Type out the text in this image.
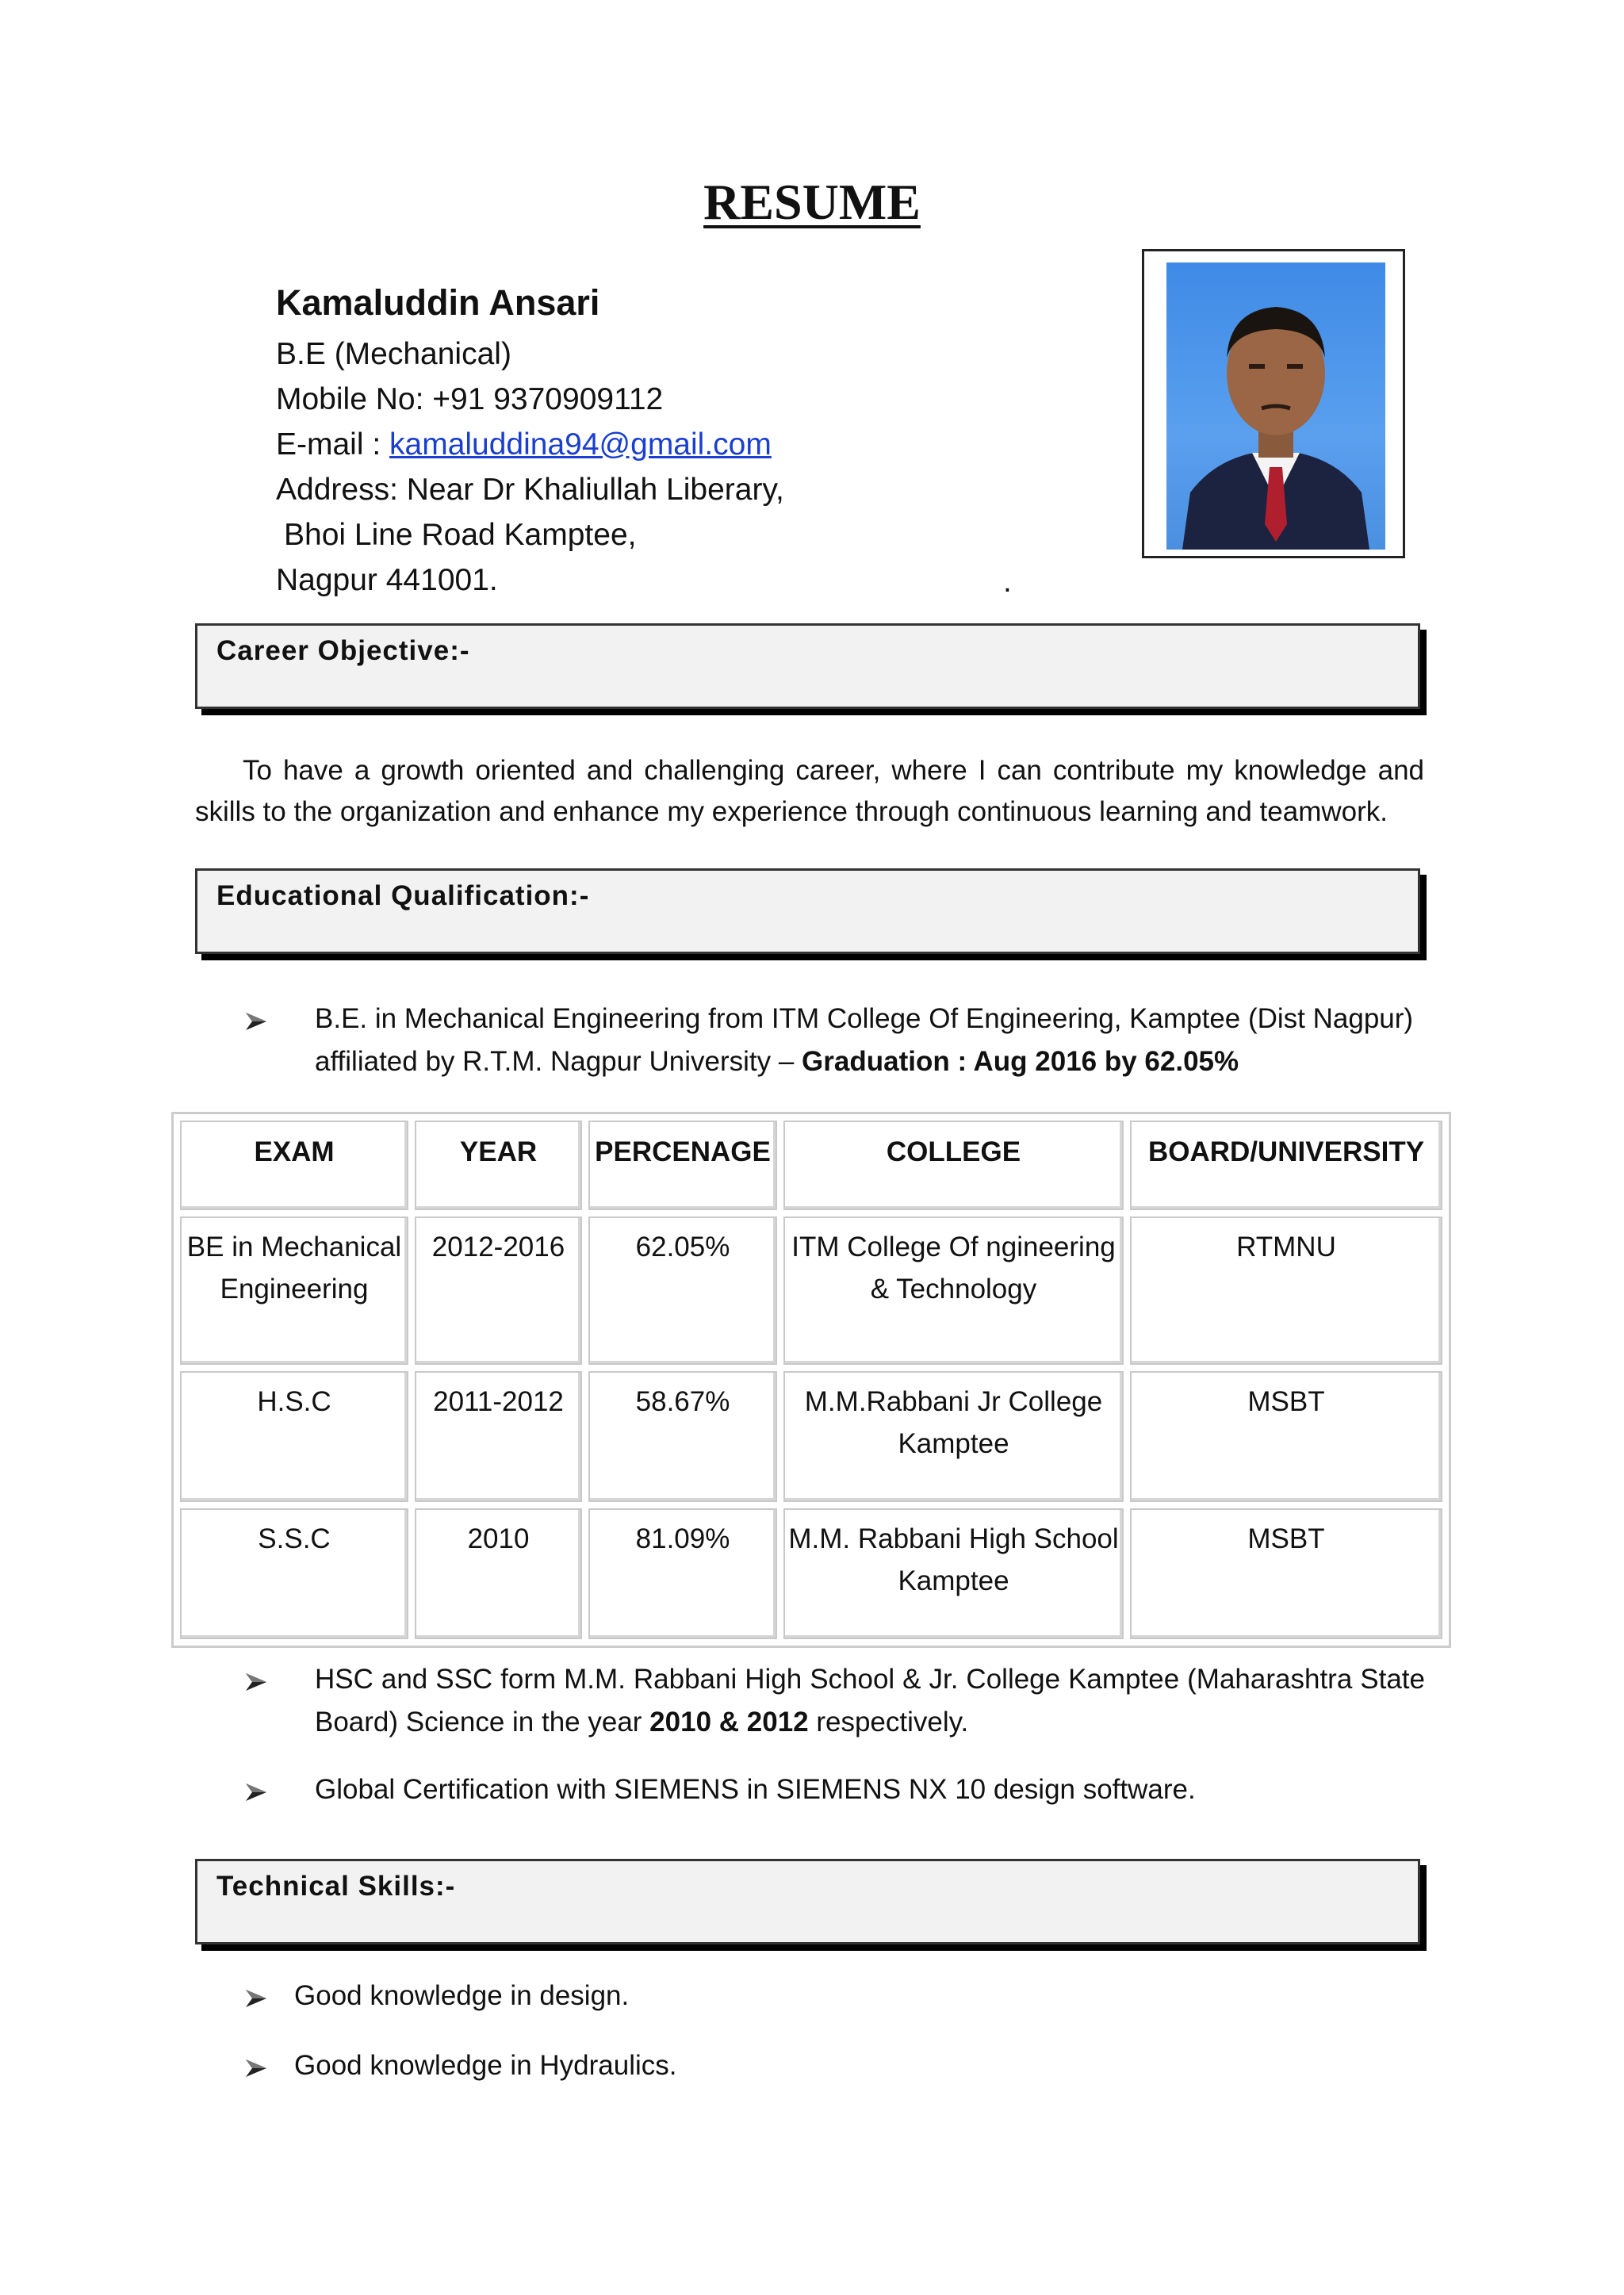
RESUME
Kamaluddin Ansari
B.E (Mechanical)
Mobile No: +91 9370909112
E-mail : kamaluddina94@gmail.com
Address: Near Dr Khaliullah Liberary,
Bhoi Line Road Kamptee,
Nagpur 441001.	.
Career Objective:-
To have a growth oriented and challenging career, where I can contribute my knowledge and skills to the organization and enhance my experience through continuous learning and teamwork.
Educational Qualification:-
B.E. in Mechanical Engineering from ITM College Of Engineering, Kamptee (Dist Nagpur) affiliated by R.T.M. Nagpur University – Graduation : Aug 2016 by 62.05%
EXAM	YEAR	PERCENAGE	COLLEGE	BOARD/UNIVERSITY
BE in Mechanical Engineering	2012-2016	62.05%	ITM College Of ngineering & Technology	RTMNU
H.S.C	2011-2012	58.67%	M.M.Rabbani Jr College Kamptee	MSBT
S.S.C	2010	81.09%	M.M. Rabbani High School Kamptee	MSBT
HSC and SSC form M.M. Rabbani High School & Jr. College Kamptee (Maharashtra State Board) Science in the year 2010 & 2012 respectively.
Global Certification with SIEMENS in SIEMENS NX 10 design software.
Technical Skills:-
Good knowledge in design.
Good knowledge in Hydraulics.
